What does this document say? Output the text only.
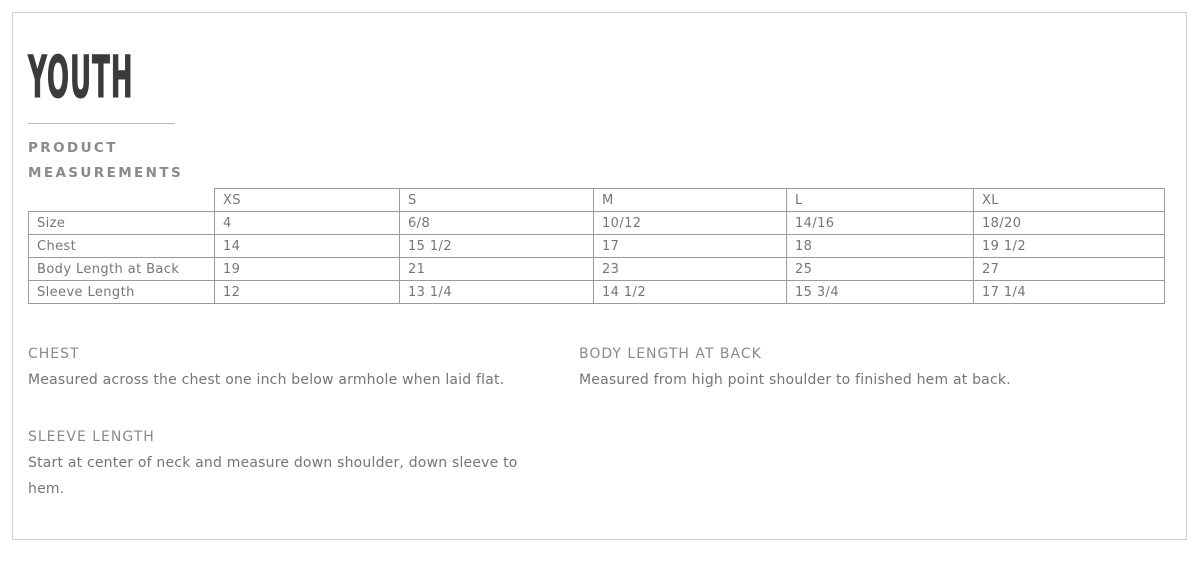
YOUTH
PRODUCT
MEASUREMENTS
	XS	S	M	L	XL
Size	4	6/8	10/12	14/16	18/20
Chest	14	15 1/2	17	18	19 1/2
Body Length at Back	19	21	23	25	27
Sleeve Length	12	13 1/4	14 1/2	15 3/4	17 1/4
CHEST
Measured across the chest one inch below armhole when laid flat.
BODY LENGTH AT BACK
Measured from high point shoulder to finished hem at back.
SLEEVE LENGTH
Start at center of neck and measure down shoulder, down sleeve to hem.
